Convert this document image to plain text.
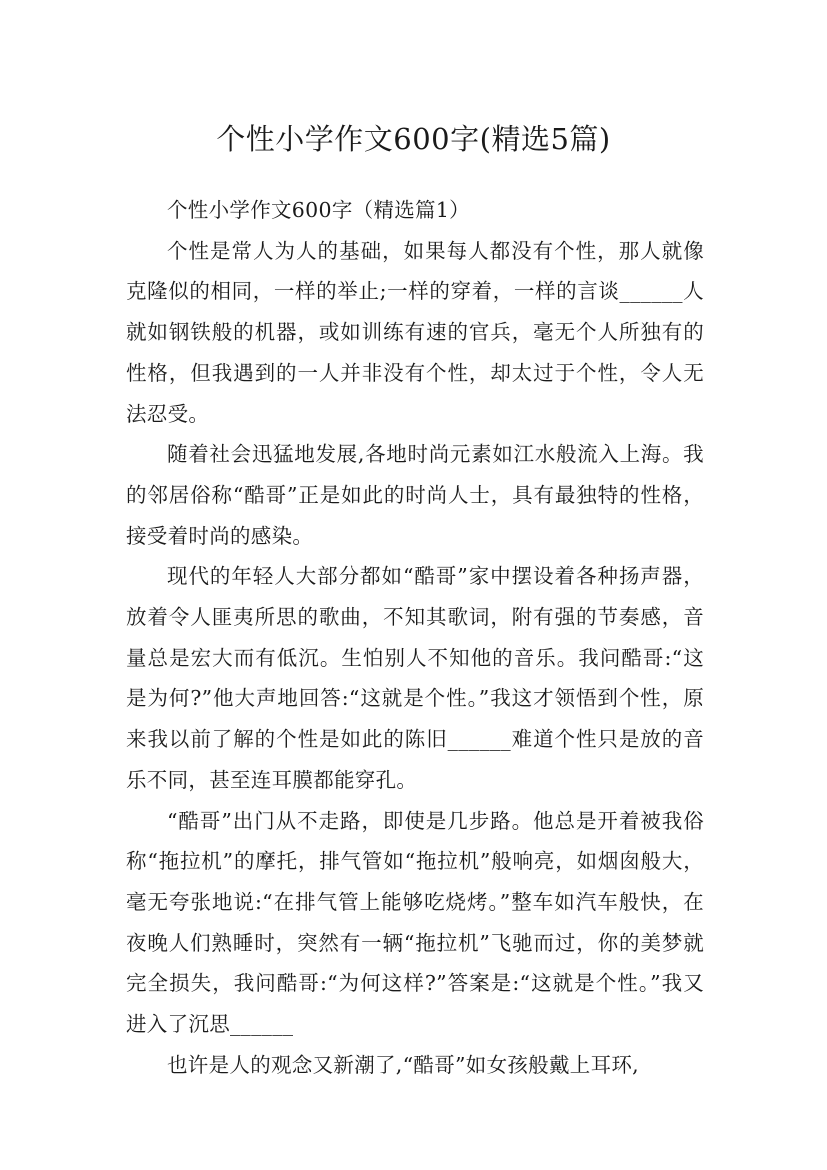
个性小学作文600字(精选5篇)

个性小学作文600字（精选篇1）

个性是常人为人的基础，如果每人都没有个性，那人就像克隆似的相同，一样的举止;一样的穿着，一样的言谈______人就如钢铁般的机器，或如训练有速的官兵，毫无个人所独有的性格，但我遇到的一人并非没有个性，却太过于个性，令人无法忍受。

随着社会迅猛地发展,各地时尚元素如江水般流入上海。我的邻居俗称“酷哥”正是如此的时尚人士，具有最独特的性格，接受着时尚的感染。

现代的年轻人大部分都如“酷哥”家中摆设着各种扬声器，放着令人匪夷所思的歌曲，不知其歌词，附有强的节奏感，音量总是宏大而有低沉。生怕别人不知他的音乐。我问酷哥:“这是为何?”他大声地回答:“这就是个性。”我这才领悟到个性，原来我以前了解的个性是如此的陈旧______难道个性只是放的音乐不同，甚至连耳膜都能穿孔。

“酷哥”出门从不走路，即使是几步路。他总是开着被我俗称“拖拉机”的摩托，排气管如“拖拉机”般响亮，如烟囱般大，毫无夸张地说:“在排气管上能够吃烧烤。”整车如汽车般快，在夜晚人们熟睡时，突然有一辆“拖拉机”飞驰而过，你的美梦就完全损失，我问酷哥:“为何这样?”答案是:“这就是个性。”我又进入了沉思______

也许是人的观念又新潮了,“酷哥”如女孩般戴上耳环,
